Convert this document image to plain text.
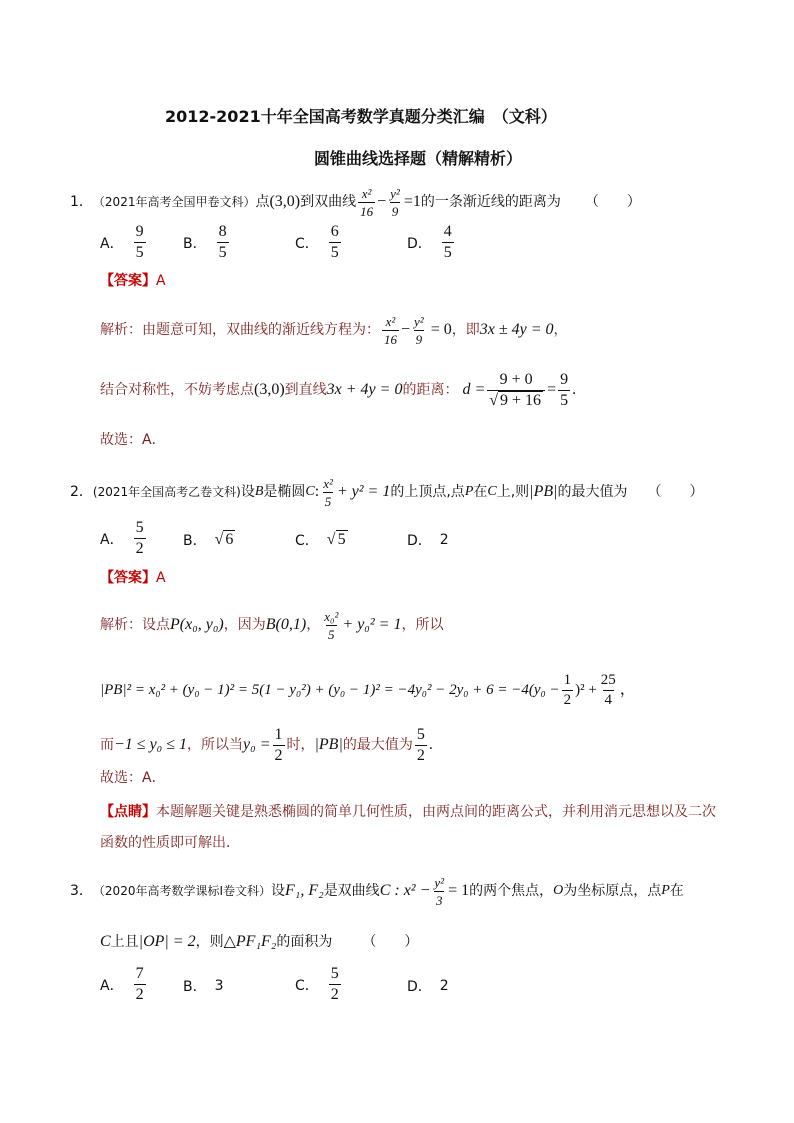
2012-2021十年全国高考数学真题分类汇编　（文科）
圆锥曲线选择题（精解精析）
1． （2021年高考全国甲卷文科） 点 (3,0) 到双曲线 $\frac{\text{x²}}{16} - \frac{\text{y²}}{9} =1$ 的一条渐近线的距离为 （　　）
A． $\frac{9}{5}$	B． $\frac{8}{5}$	C． $\frac{6}{5}$	D． $\frac{4}{5}$
【答案】A
解析：由题意可知，双曲线的渐近线方程为： $\frac{\text{x²}}{16} - \frac{\text{y²}}{9} = 0$ ，即 3x ± 4y = 0 ，
结合对称性，不妨考虑点 (3,0) 到直线 3x + 4y = 0 的距离： $d = \frac{9 + 0}{√ 9 + 16} = \frac{9}{5}$ .
故选：A．
2． (2021年全国高考乙卷文科) 设 B 是椭圆 C : $\frac{\text{x²}}{5} + y^2 = 1$ 的上顶点,点 P 在 C 上,则 |PB| 的最大值为 （　　）
A． $\frac{5}{2}$	B． √ 6	C． √ 5	D． 2
【答案】A
解析：设点 P(x₀, y₀) ，因为 B(0,1) ， $\frac{\text{x₀²}}{5} + y_0^2 = 1$ ，所以
$|PB|^2 = x_0^2 + (y_0 - 1)^2 = 5(1 - y_0^2) + (y_0 - 1)^2 = -4y_0^2 - 2y_0 + 6 = -4(y_0 - \frac{1}{2} )^2 + \frac{25}{4}$ ，
而 −1 ≤ y₀ ≤ 1 ，所以当 $y_0 = \frac{1}{2}$ 时， |PB| 的最大值为 $\frac{5}{2}$ .
故选：A．
【点睛】本题解题关键是熟悉椭圆的简单几何性质，由两点间的距离公式，并利用消元思想以及二次
函数的性质即可解出．
3． （2020年高考数学课标Ⅰ卷文科） 设 F₁, F₂ 是双曲线 C : $x^2 - \frac{\text{y²}}{3} = 1$ 的两个焦点， O 为坐标原点，点 P 在
C 上且 |OP| = 2 ，则 △PF₁F₂ 的面积为 （　　）
A． $\frac{7}{2}$	B． 3	C． $\frac{5}{2}$	D． 2
